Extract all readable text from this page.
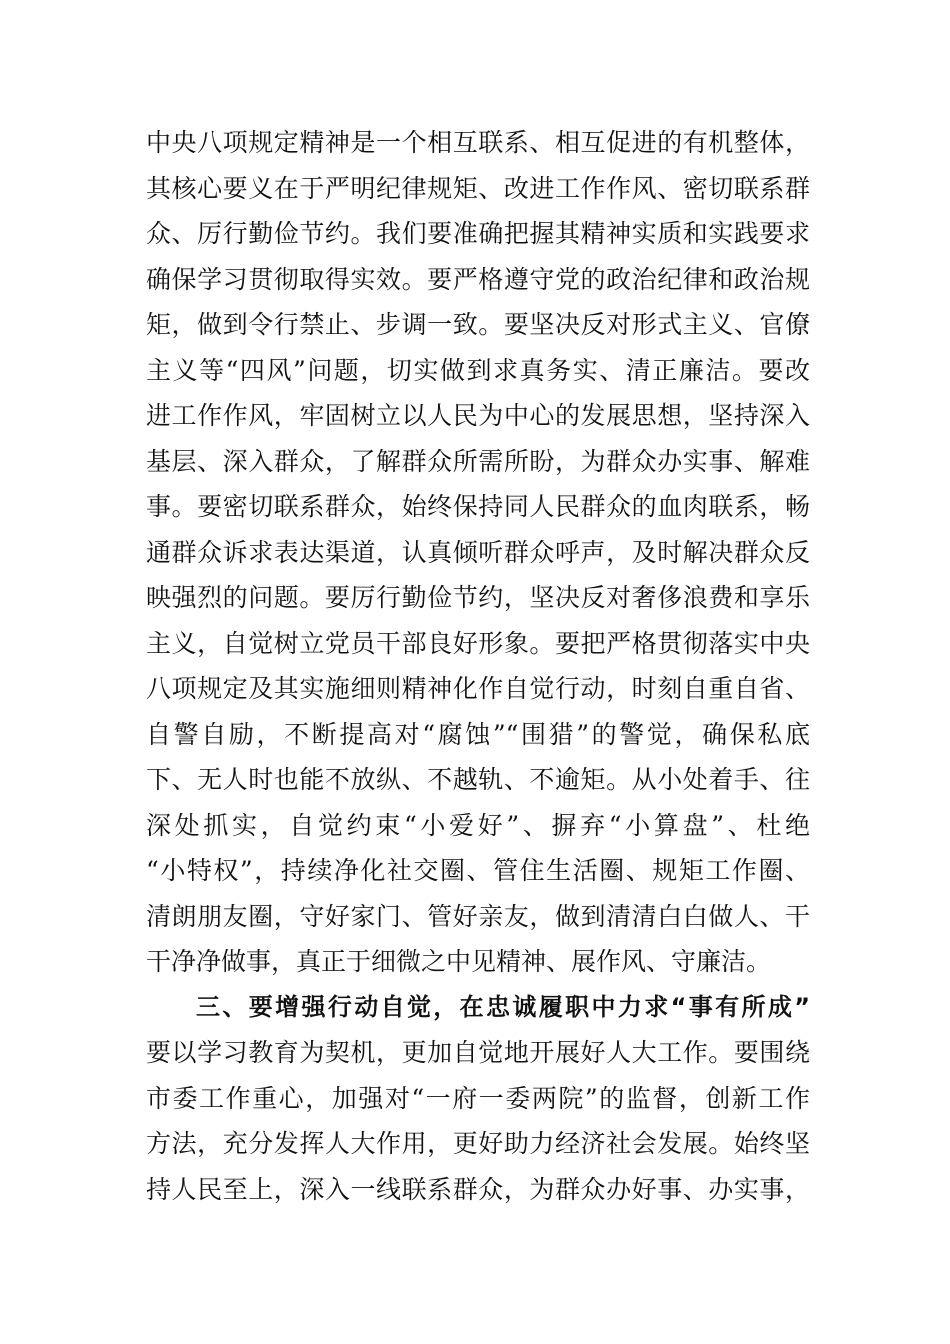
中央八项规定精神是一个相互联系、相互促进的有机整体，
其核心要义在于严明纪律规矩、改进工作作风、密切联系群
众、厉行勤俭节约。我们要准确把握其精神实质和实践要求
确保学习贯彻取得实效。要严格遵守党的政治纪律和政治规
矩，做到令行禁止、步调一致。要坚决反对形式主义、官僚
主义等“四风”问题，切实做到求真务实、清正廉洁。要改
进工作作风，牢固树立以人民为中心的发展思想，坚持深入
基层、深入群众，了解群众所需所盼，为群众办实事、解难
事。要密切联系群众，始终保持同人民群众的血肉联系，畅
通群众诉求表达渠道，认真倾听群众呼声，及时解决群众反
映强烈的问题。要厉行勤俭节约，坚决反对奢侈浪费和享乐
主义，自觉树立党员干部良好形象。要把严格贯彻落实中央
八项规定及其实施细则精神化作自觉行动，时刻自重自省、
自警自励，不断提高对“腐蚀”“围猎”的警觉，确保私底
下、无人时也能不放纵、不越轨、不逾矩。从小处着手、往
深处抓实，自觉约束“小爱好”、摒弃“小算盘”、杜绝
“小特权”，持续净化社交圈、管住生活圈、规矩工作圈、
清朗朋友圈，守好家门、管好亲友，做到清清白白做人、干
干净净做事，真正于细微之中见精神、展作风、守廉洁。
三、要增强行动自觉，在忠诚履职中力求“事有所成”
要以学习教育为契机，更加自觉地开展好人大工作。要围绕
市委工作重心，加强对“一府一委两院”的监督，创新工作
方法，充分发挥人大作用，更好助力经济社会发展。始终坚
持人民至上，深入一线联系群众，为群众办好事、办实事，
